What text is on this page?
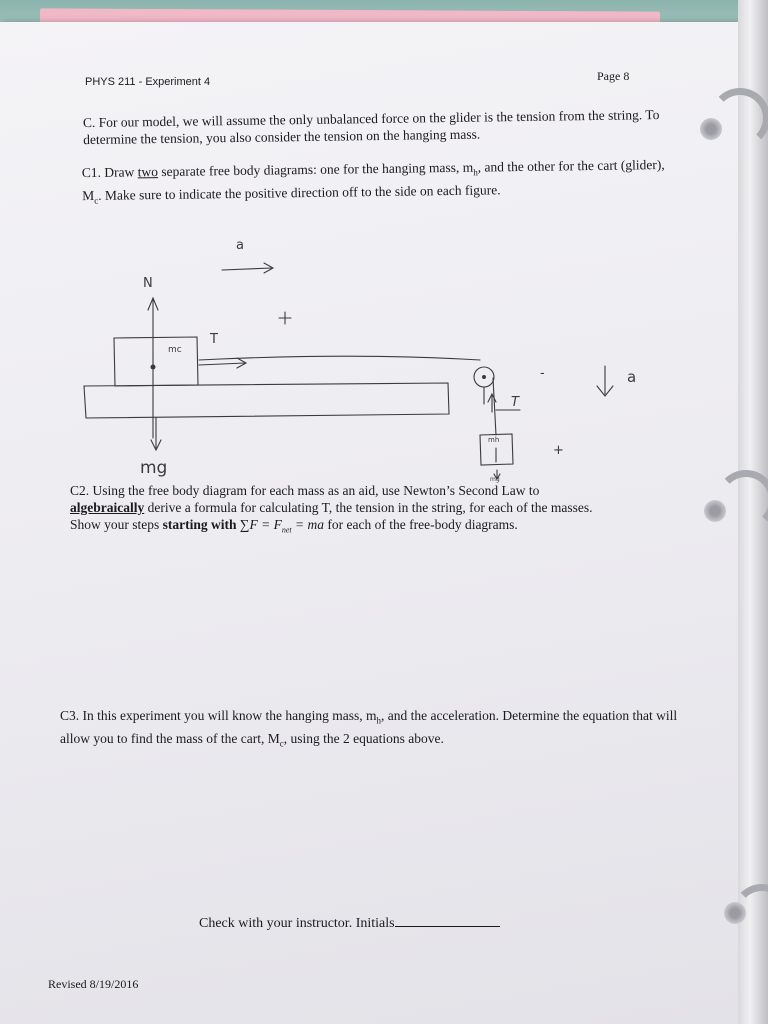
PHYS 211 - Experiment 4	Page 8
C. For our model, we will assume the only unbalanced force on the glider is the tension from the string. To determine the tension, you also consider the tension on the hanging mass.
C1. Draw two separate free body diagrams: one for the hanging mass, $m_h$, and the other for the cart (glider), $M_c$. Make sure to indicate the positive direction off to the side on each figure.
a
N
mc
T
-	a
T
mh
+
mg
mg
C2. Using the free body diagram for each mass as an aid, use Newton’s Second Law to
algebraically derive a formula for calculating T, the tension in the string, for each of the masses.
Show your steps starting with $\sum F = F_{net}$ = ma for each of the free-body diagrams.
C3. In this experiment you will know the hanging mass, $m_h$, and the acceleration. Determine the equation that will allow you to find the mass of the cart, $M_c$, using the 2 equations above.
Check with your instructor. Initials
Revised 8/19/2016
